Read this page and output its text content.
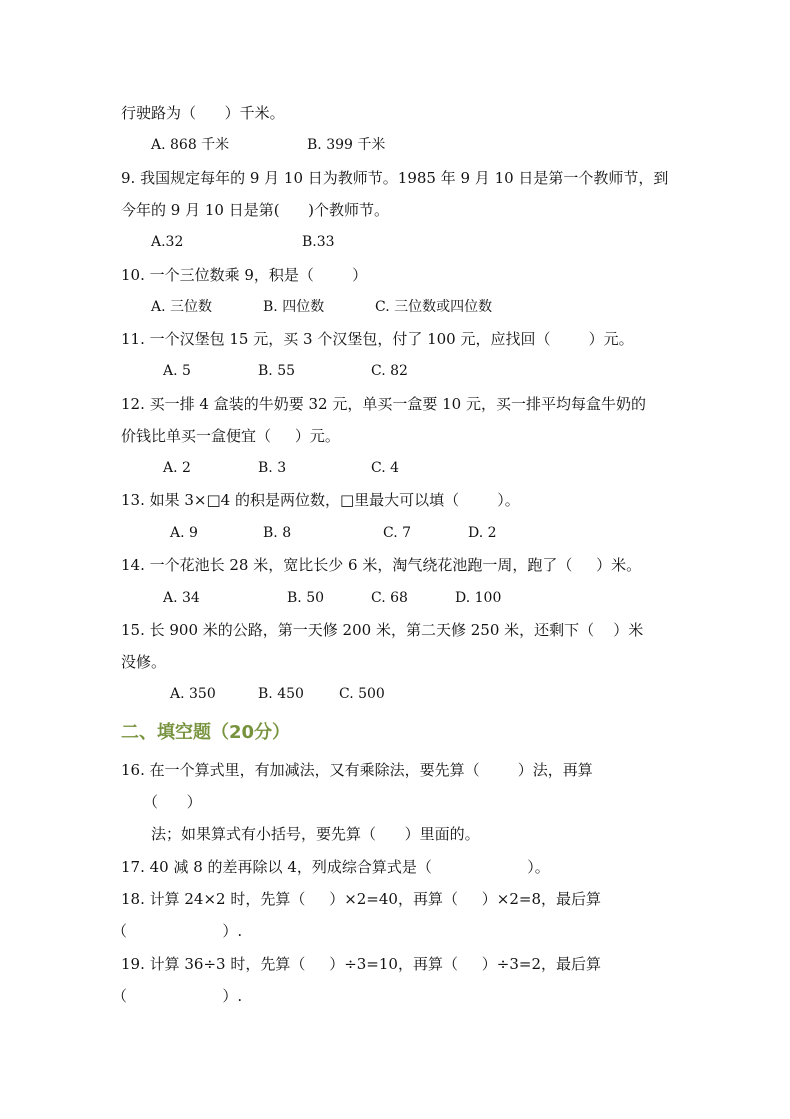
行驶路为（      ）千米。
A. 868 千米	B. 399 千米
9. 我国规定每年的 9 月 10 日为教师节。1985 年 9 月 10 日是第一个教师节，到
今年的 9 月 10 日是第(      )个教师节。
A.32	B.33
10. 一个三位数乘 9，积是（        ）
A. 三位数	B. 四位数	C. 三位数或四位数
11. 一个汉堡包 15 元，买 3 个汉堡包，付了 100 元，应找回（        ）元。
A. 5	B. 55	C. 82
12. 买一排 4 盒装的牛奶要 32 元，单买一盒要 10 元，买一排平均每盒牛奶的
价钱比单买一盒便宜（     ）元。
A. 2	B. 3	C. 4
13. 如果 3×□4 的积是两位数，□里最大可以填（        ）。
A. 9	B. 8	C. 7	D. 2
14. 一个花池长 28 米，宽比长少 6 米，淘气绕花池跑一周，跑了（     ）米。
A. 34	B. 50	C. 68	D. 100
15. 长 900 米的公路，第一天修 200 米，第二天修 250 米，还剩下（    ）米
没修。
A. 350	B. 450	C. 500
二、填空题（20分）
16. 在一个算式里，有加减法，又有乘除法，要先算（        ）法，再算
（      ）
法；如果算式有小括号，要先算（      ）里面的。
17. 40 减 8 的差再除以 4，列成综合算式是（                    ）。
18. 计算 24×2 时，先算（     ）×2=40，再算（     ）×2=8，最后算
（                    ）.
19. 计算 36÷3 时，先算（     ）÷3=10，再算（     ）÷3=2，最后算
（                    ）.
